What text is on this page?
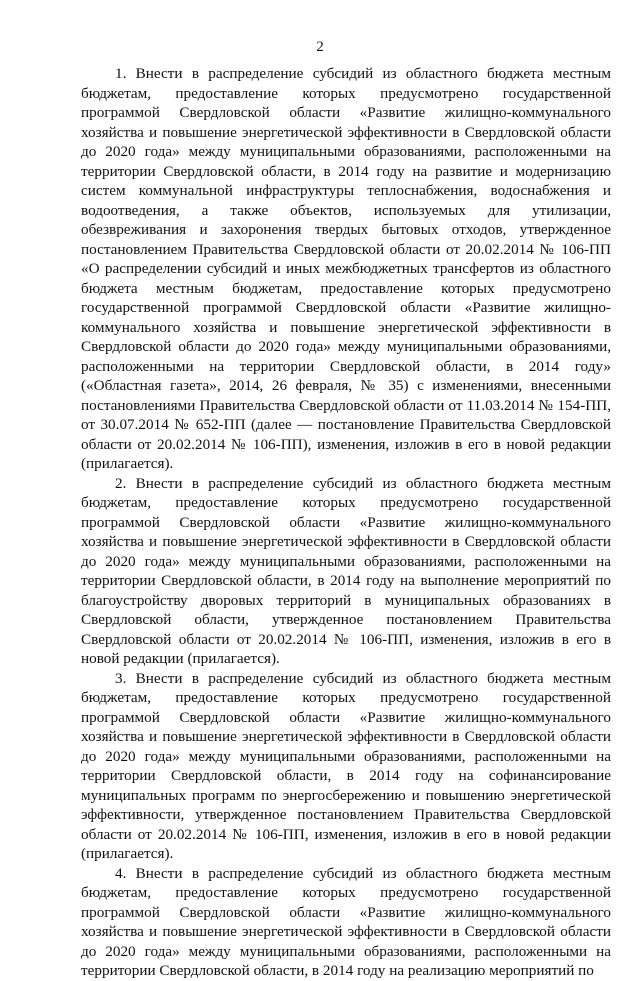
2

1. Внести в распределение субсидий из областного бюджета местным бюджетам, предоставление которых предусмотрено государственной программой Свердловской области «Развитие жилищно-коммунального хозяйства и повышение энергетической эффективности в Свердловской области до 2020 года» между муниципальными образованиями, расположенными на территории Свердловской области, в 2014 году на развитие и модернизацию систем коммунальной инфраструктуры теплоснабжения, водоснабжения и водоотведения, а также объектов, используемых для утилизации, обезвреживания и захоронения твердых бытовых отходов, утвержденное постановлением Правительства Свердловской области от 20.02.2014 № 106-ПП «О распределении субсидий и иных межбюджетных трансфертов из областного бюджета местным бюджетам, предоставление которых предусмотрено государственной программой Свердловской области «Развитие жилищно-коммунального хозяйства и повышение энергетической эффективности в Свердловской области до 2020 года» между муниципальными образованиями, расположенными на территории Свердловской области, в 2014 году» («Областная газета», 2014, 26 февраля, № 35) с изменениями, внесенными постановлениями Правительства Свердловской области от 11.03.2014 № 154-ПП, от 30.07.2014 № 652-ПП (далее — постановление Правительства Свердловской области от 20.02.2014 № 106-ПП), изменения, изложив в его в новой редакции (прилагается).

2. Внести в распределение субсидий из областного бюджета местным бюджетам, предоставление которых предусмотрено государственной программой Свердловской области «Развитие жилищно-коммунального хозяйства и повышение энергетической эффективности в Свердловской области до 2020 года» между муниципальными образованиями, расположенными на территории Свердловской области, в 2014 году на выполнение мероприятий по благоустройству дворовых территорий в муниципальных образованиях в Свердловской области, утвержденное постановлением Правительства Свердловской области от 20.02.2014 № 106-ПП, изменения, изложив в его в новой редакции (прилагается).

3. Внести в распределение субсидий из областного бюджета местным бюджетам, предоставление которых предусмотрено государственной программой Свердловской области «Развитие жилищно-коммунального хозяйства и повышение энергетической эффективности в Свердловской области до 2020 года» между муниципальными образованиями, расположенными на территории Свердловской области, в 2014 году на софинансирование муниципальных программ по энергосбережению и повышению энергетической эффективности, утвержденное постановлением Правительства Свердловской области от 20.02.2014 № 106-ПП, изменения, изложив в его в новой редакции (прилагается).

4. Внести в распределение субсидий из областного бюджета местным бюджетам, предоставление которых предусмотрено государственной программой Свердловской области «Развитие жилищно-коммунального хозяйства и повышение энергетической эффективности в Свердловской области до 2020 года» между муниципальными образованиями, расположенными на территории Свердловской области, в 2014 году на реализацию мероприятий по
